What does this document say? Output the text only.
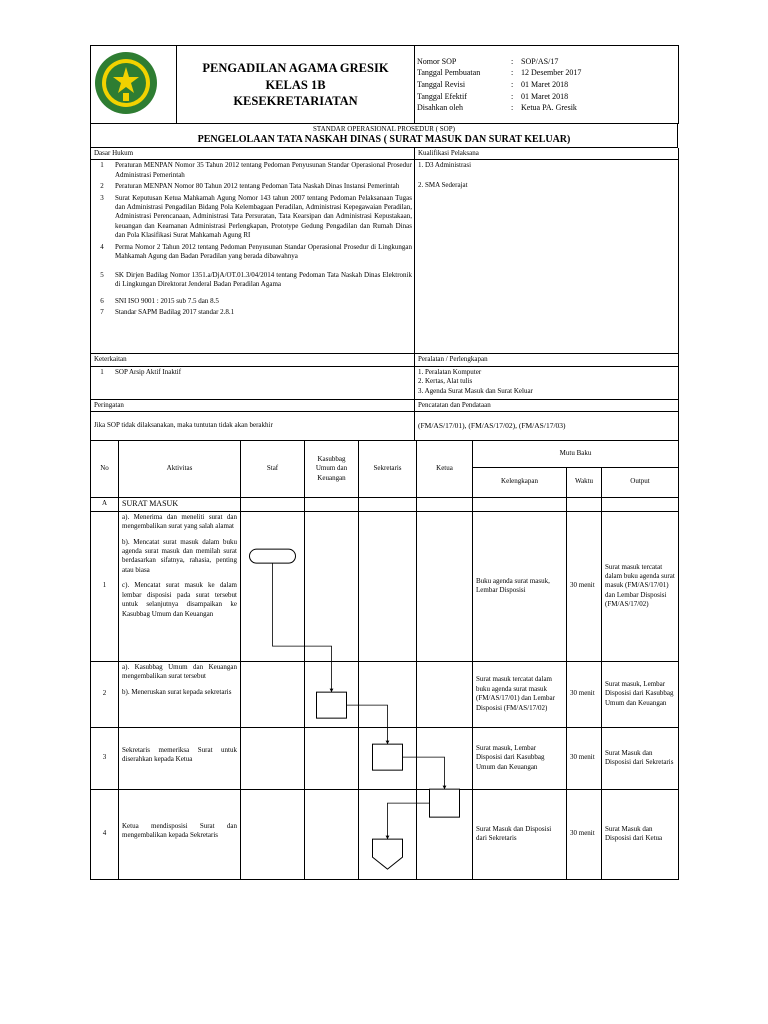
PENGADILAN AGAMA GRESIK
KELAS 1B
KESEKRETARIATAN

Nomor SOP	:	SOP/AS/17
Tanggal Pembuatan	:	12 Desember 2017
Tanggal Revisi	:	01 Maret 2018
Tanggal Efektif	:	01 Maret 2018
Disahkan oleh	:	Ketua PA. Gresik
STANDAR OPERASIONAL PROSEDUR ( SOP)
PENGELOLAAN TATA NASKAH DINAS ( SURAT MASUK DAN SURAT KELUAR)
Dasar Hukum	Kualifikasi Pelaksana

1	Peraturan MENPAN Nomor 35 Tahun 2012 tentang Pedoman Penyusunan Standar Operasional Prosedur Administrasi Pemerintah
2	Peraturan MENPAN Nomor 80 Tahun 2012 tentang Pedoman Tata Naskah Dinas Instansi Pemerintah
3	Surat Keputusan Ketua Mahkamah Agung Nomor 143 tahun 2007 tentang Pedoman Pelaksanaan Tugas dan Administrasi Pengadilan Bidang Pola Kelembagaan Peradilan, Administrasi Kepegawaian Peradilan, Administrasi Perencanaan, Administrasi Tata Persuratan, Tata Kearsipan dan Administrasi Kepustakaan, keuangan dan Keamanan Administrasi Perlengkapan, Prototype Gedung Pengadilan dan Rumah Dinas dan Pola Klasifikasi Surat Mahkamah Agung RI
4	Perma Nomor 2 Tahun 2012 tentang Pedoman Penyusunan Standar Operasional Prosedur di Lingkungan Mahkamah Agung dan Badan Peradilan yang berada dibawahnya
5	SK Dirjen Badilag Nomor 1351.a/DjA/OT.01.3/04/2014 tentang Pedoman Tata Naskah Dinas Elektronik di Lingkungan Direktorat Jenderal Badan Peradilan Agama
6	SNI ISO 9001 : 2015 sub 7.5 dan 8.5
7	Standar SAPM Badilag 2017 standar 2.8.1

1. D3 Administrasi
2. SMA Sederajat

Keterkaitan	Peralatan / Perlengkapan

1	SOP Arsip Aktif Inaktif
		1. Peralatan Komputer
2. Kertas, Alat tulis
3. Agenda Surat Masuk dan Surat Keluar

Peringatan	Pencatatan dan Pendataan
Jika SOP tidak dilaksanakan, maka tuntutan tidak akan berakhir	(FM/AS/17/01), (FM/AS/17/02), (FM/AS/17/03)
No	Aktivitas	Staf	Kasubbag Umum dan Keuangan	Sekretaris	Ketua	Mutu Baku		
						Kelengkapan	Waktu	Output
A	SURAT MASUK							
1	a). Menerima dan meneliti surat dan mengembalikan surat yang salah alamat
b). Mencatat surat masuk dalam buku agenda surat masuk dan memilah surat berdasarkan sifatnya, rahasia, penting atau biasa
c). Mencatat surat masuk ke dalam lembar disposisi pada surat tersebut untuk selanjutnya disampaikan ke Kasubbag Umum dan Keuangan					Buku agenda surat masuk, Lembar Disposisi	30 menit	Surat masuk tercatat dalam buku agenda surat masuk (FM/AS/17/01) dan Lembar Disposisi (FM/AS/17/02)
2	a). Kasubbag Umum dan Keuangan mengembalikan surat tersebut
b). Meneruskan surat kepada sekretaris					Surat masuk tercatat dalam buku agenda surat masuk (FM/AS/17/01) dan Lembar Disposisi (FM/AS/17/02)	30 menit	Surat masuk, Lembar Disposisi dari Kasubbag Umum dan Keuangan
3	Sekretaris memeriksa Surat untuk diserahkan kepada Ketua					Surat masuk, Lembar Disposisi dari Kasubbag Umum dan Keuangan	30 menit	Surat Masuk dan Disposisi dari Sekretaris
4	Ketua mendisposisi Surat dan mengembalikan kepada Sekretaris					Surat Masuk dan Disposisi dari Sekretaris	30 menit	Surat Masuk dan Disposisi dari Ketua
